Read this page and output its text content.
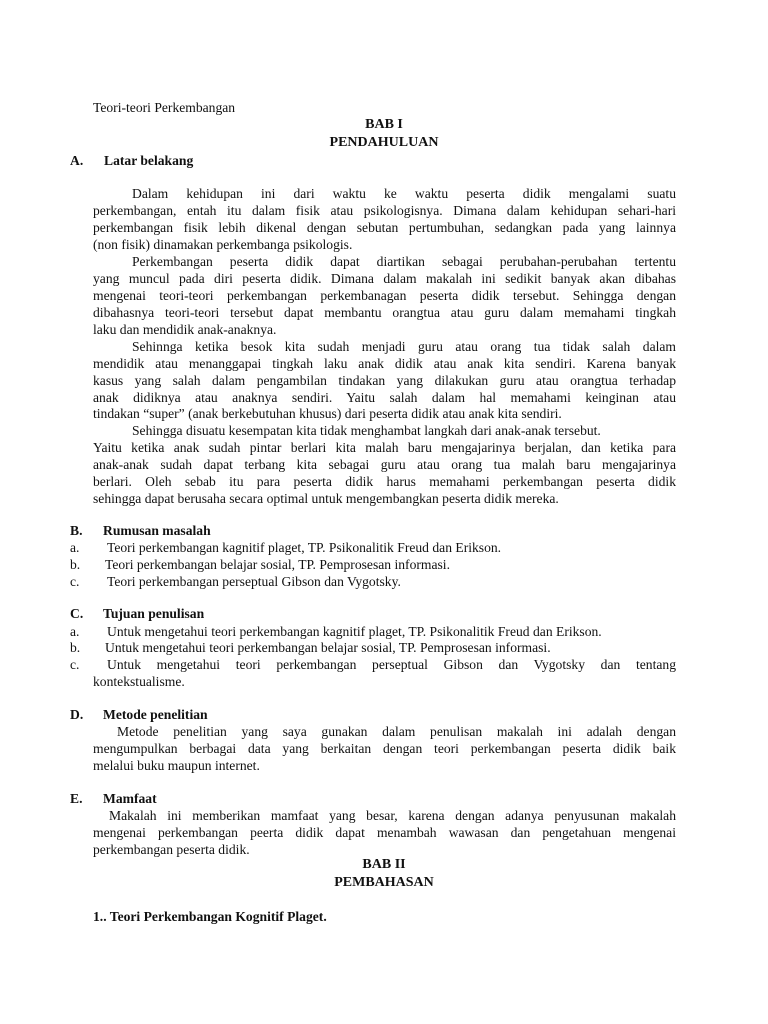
Teori-teori Perkembangan
BAB I
PENDAHULUAN
A. Latar belakang
Dalam kehidupan ini dari waktu ke waktu peserta didik mengalami suatu
perkembangan, entah itu dalam fisik atau psikologisnya. Dimana dalam kehidupan sehari-hari
perkembangan fisik lebih dikenal dengan sebutan pertumbuhan, sedangkan pada yang lainnya
(non fisik) dinamakan perkembanga psikologis.
Perkembangan peserta didik dapat diartikan sebagai perubahan-perubahan tertentu
yang muncul pada diri peserta didik. Dimana dalam makalah ini sedikit banyak akan dibahas
mengenai teori-teori perkembangan perkembanagan peserta didik tersebut. Sehingga dengan
dibahasnya teori-teori tersebut dapat membantu orangtua atau guru dalam memahami tingkah
laku dan mendidik anak-anaknya.
Sehinnga ketika besok kita sudah menjadi guru atau orang tua tidak salah dalam
mendidik atau menanggapai tingkah laku anak didik atau anak kita sendiri. Karena banyak
kasus yang salah dalam pengambilan tindakan yang dilakukan guru atau orangtua terhadap
anak didiknya atau anaknya sendiri. Yaitu salah dalam hal memahami keinginan atau
tindakan “super” (anak berkebutuhan khusus) dari peserta didik atau anak kita sendiri.
Sehingga disuatu kesempatan kita tidak menghambat langkah dari anak-anak tersebut.
Yaitu ketika anak sudah pintar berlari kita malah baru mengajarinya berjalan, dan ketika para
anak-anak sudah dapat terbang kita sebagai guru atau orang tua malah baru mengajarinya
berlari. Oleh sebab itu para peserta didik harus memahami perkembangan peserta didik
sehingga dapat berusaha secara optimal untuk mengembangkan peserta didik mereka.
B. Rumusan masalah
a. Teori perkembangan kagnitif plaget, TP. Psikonalitik Freud dan Erikson.
b. Teori perkembangan belajar sosial, TP. Pemprosesan informasi.
c. Teori perkembangan perseptual Gibson dan Vygotsky.
C. Tujuan penulisan
a. Untuk mengetahui teori perkembangan kagnitif plaget, TP. Psikonalitik Freud dan Erikson.
b. Untuk mengetahui teori perkembangan belajar sosial, TP. Pemprosesan informasi.
c. Untuk mengetahui teori perkembangan perseptual Gibson dan Vygotsky dan tentang
kontekstualisme.
D. Metode penelitian
Metode penelitian yang saya gunakan dalam penulisan makalah ini adalah dengan
mengumpulkan berbagai data yang berkaitan dengan teori perkembangan peserta didik baik
melalui buku maupun internet.
E. Mamfaat
Makalah ini memberikan mamfaat yang besar, karena dengan adanya penyusunan makalah
mengenai perkembangan peerta didik dapat menambah wawasan dan pengetahuan mengenai
perkembangan peserta didik.
BAB II
PEMBAHASAN
1.. Teori Perkembangan Kognitif Plaget.
